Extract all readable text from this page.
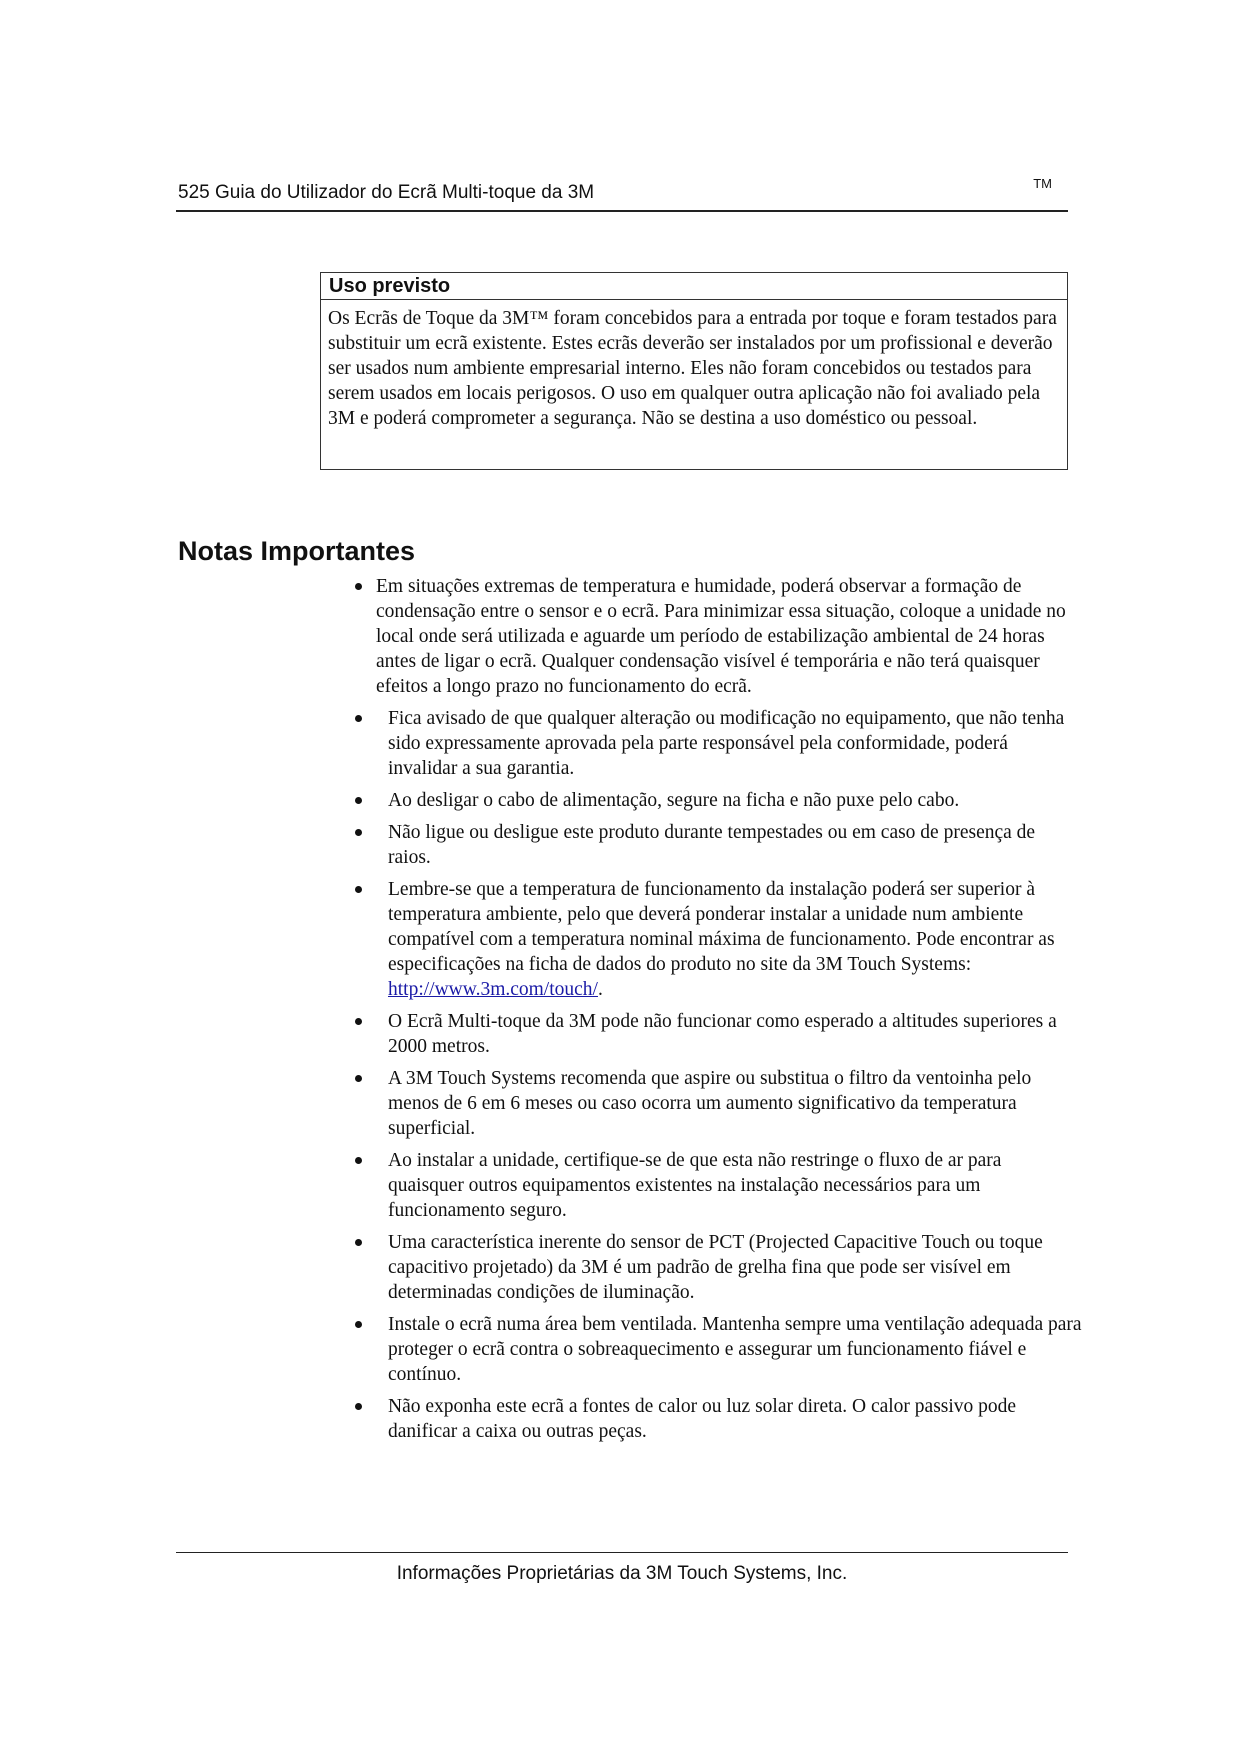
525 Guia do Utilizador do Ecrã Multi-toque da 3M	TM
Uso previsto
Os Ecrãs de Toque da 3M™ foram concebidos para a entrada por toque e foram testados para substituir um ecrã existente. Estes ecrãs deverão ser instalados por um profissional e deverão ser usados num ambiente empresarial interno. Eles não foram concebidos ou testados para serem usados em locais perigosos. O uso em qualquer outra aplicação não foi avaliado pela 3M e poderá comprometer a segurança. Não se destina a uso doméstico ou pessoal.
Notas Importantes
Em situações extremas de temperatura e humidade, poderá observar a formação de condensação entre o sensor e o ecrã. Para minimizar essa situação, coloque a unidade no local onde será utilizada e aguarde um período de estabilização ambiental de 24 horas antes de ligar o ecrã. Qualquer condensação visível é temporária e não terá quaisquer efeitos a longo prazo no funcionamento do ecrã.
Fica avisado de que qualquer alteração ou modificação no equipamento, que não tenha sido expressamente aprovada pela parte responsável pela conformidade, poderá invalidar a sua garantia.
Ao desligar o cabo de alimentação, segure na ficha e não puxe pelo cabo.
Não ligue ou desligue este produto durante tempestades ou em caso de presença de raios.
Lembre-se que a temperatura de funcionamento da instalação poderá ser superior à temperatura ambiente, pelo que deverá ponderar instalar a unidade num ambiente compatível com a temperatura nominal máxima de funcionamento. Pode encontrar as especificações na ficha de dados do produto no site da 3M Touch Systems: http://www.3m.com/touch/.
O Ecrã Multi-toque da 3M pode não funcionar como esperado a altitudes superiores a 2000 metros.
A 3M Touch Systems recomenda que aspire ou substitua o filtro da ventoinha pelo menos de 6 em 6 meses ou caso ocorra um aumento significativo da temperatura superficial.
Ao instalar a unidade, certifique-se de que esta não restringe o fluxo de ar para quaisquer outros equipamentos existentes na instalação necessários para um funcionamento seguro.
Uma característica inerente do sensor de PCT (Projected Capacitive Touch ou toque capacitivo projetado) da 3M é um padrão de grelha fina que pode ser visível em determinadas condições de iluminação.
Instale o ecrã numa área bem ventilada. Mantenha sempre uma ventilação adequada para proteger o ecrã contra o sobreaquecimento e assegurar um funcionamento fiável e contínuo.
Não exponha este ecrã a fontes de calor ou luz solar direta. O calor passivo pode danificar a caixa ou outras peças.
Informações Proprietárias da 3M Touch Systems, Inc.
